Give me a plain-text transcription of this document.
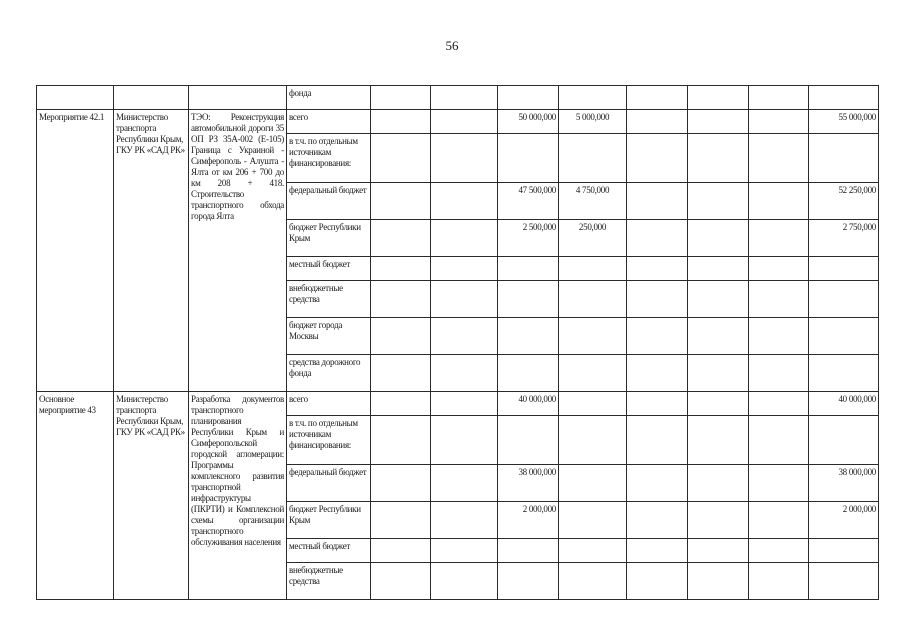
56
			фонда								
Мероприятие 42.1	Министерство транспорта Республики Крым, ГКУ РК «САД РК»	ТЭО: Реконструкция автомобильной дороги 35 ОП РЗ 35А-002 (Е-105) Граница с Украиной - Симферополь - Алушта - Ялта от км 206 + 700 до км 208 + 418. Строительство транспортного обхода города Ялта	всего			50 000,000	5 000,000				55 000,000
			в т.ч. по отдельным источникам финансирования:								
			федеральный бюджет			47 500,000	4 750,000				52 250,000
			бюджет Республики Крым			2 500,000	250,000				2 750,000
			местный бюджет								
			внебюджетные средства								
			бюджет города Москвы								
			средства дорожного фонда								
Основное мероприятие 43	Министерство транспорта Республики Крым, ГКУ РК «САД РК»	Разработка документов транспортного планирования Республики Крым и Симферопольской городской агломерации: Программы комплексного развития транспортной инфраструктуры (ПКРТИ) и Комплексной схемы организации транспортного обслуживания населения	всего			40 000,000					40 000,000
			в т.ч. по отдельным источникам финансирования:								
			федеральный бюджет			38 000,000					38 000,000
			бюджет Республики Крым			2 000,000					2 000,000
			местный бюджет								
			внебюджетные средства								
